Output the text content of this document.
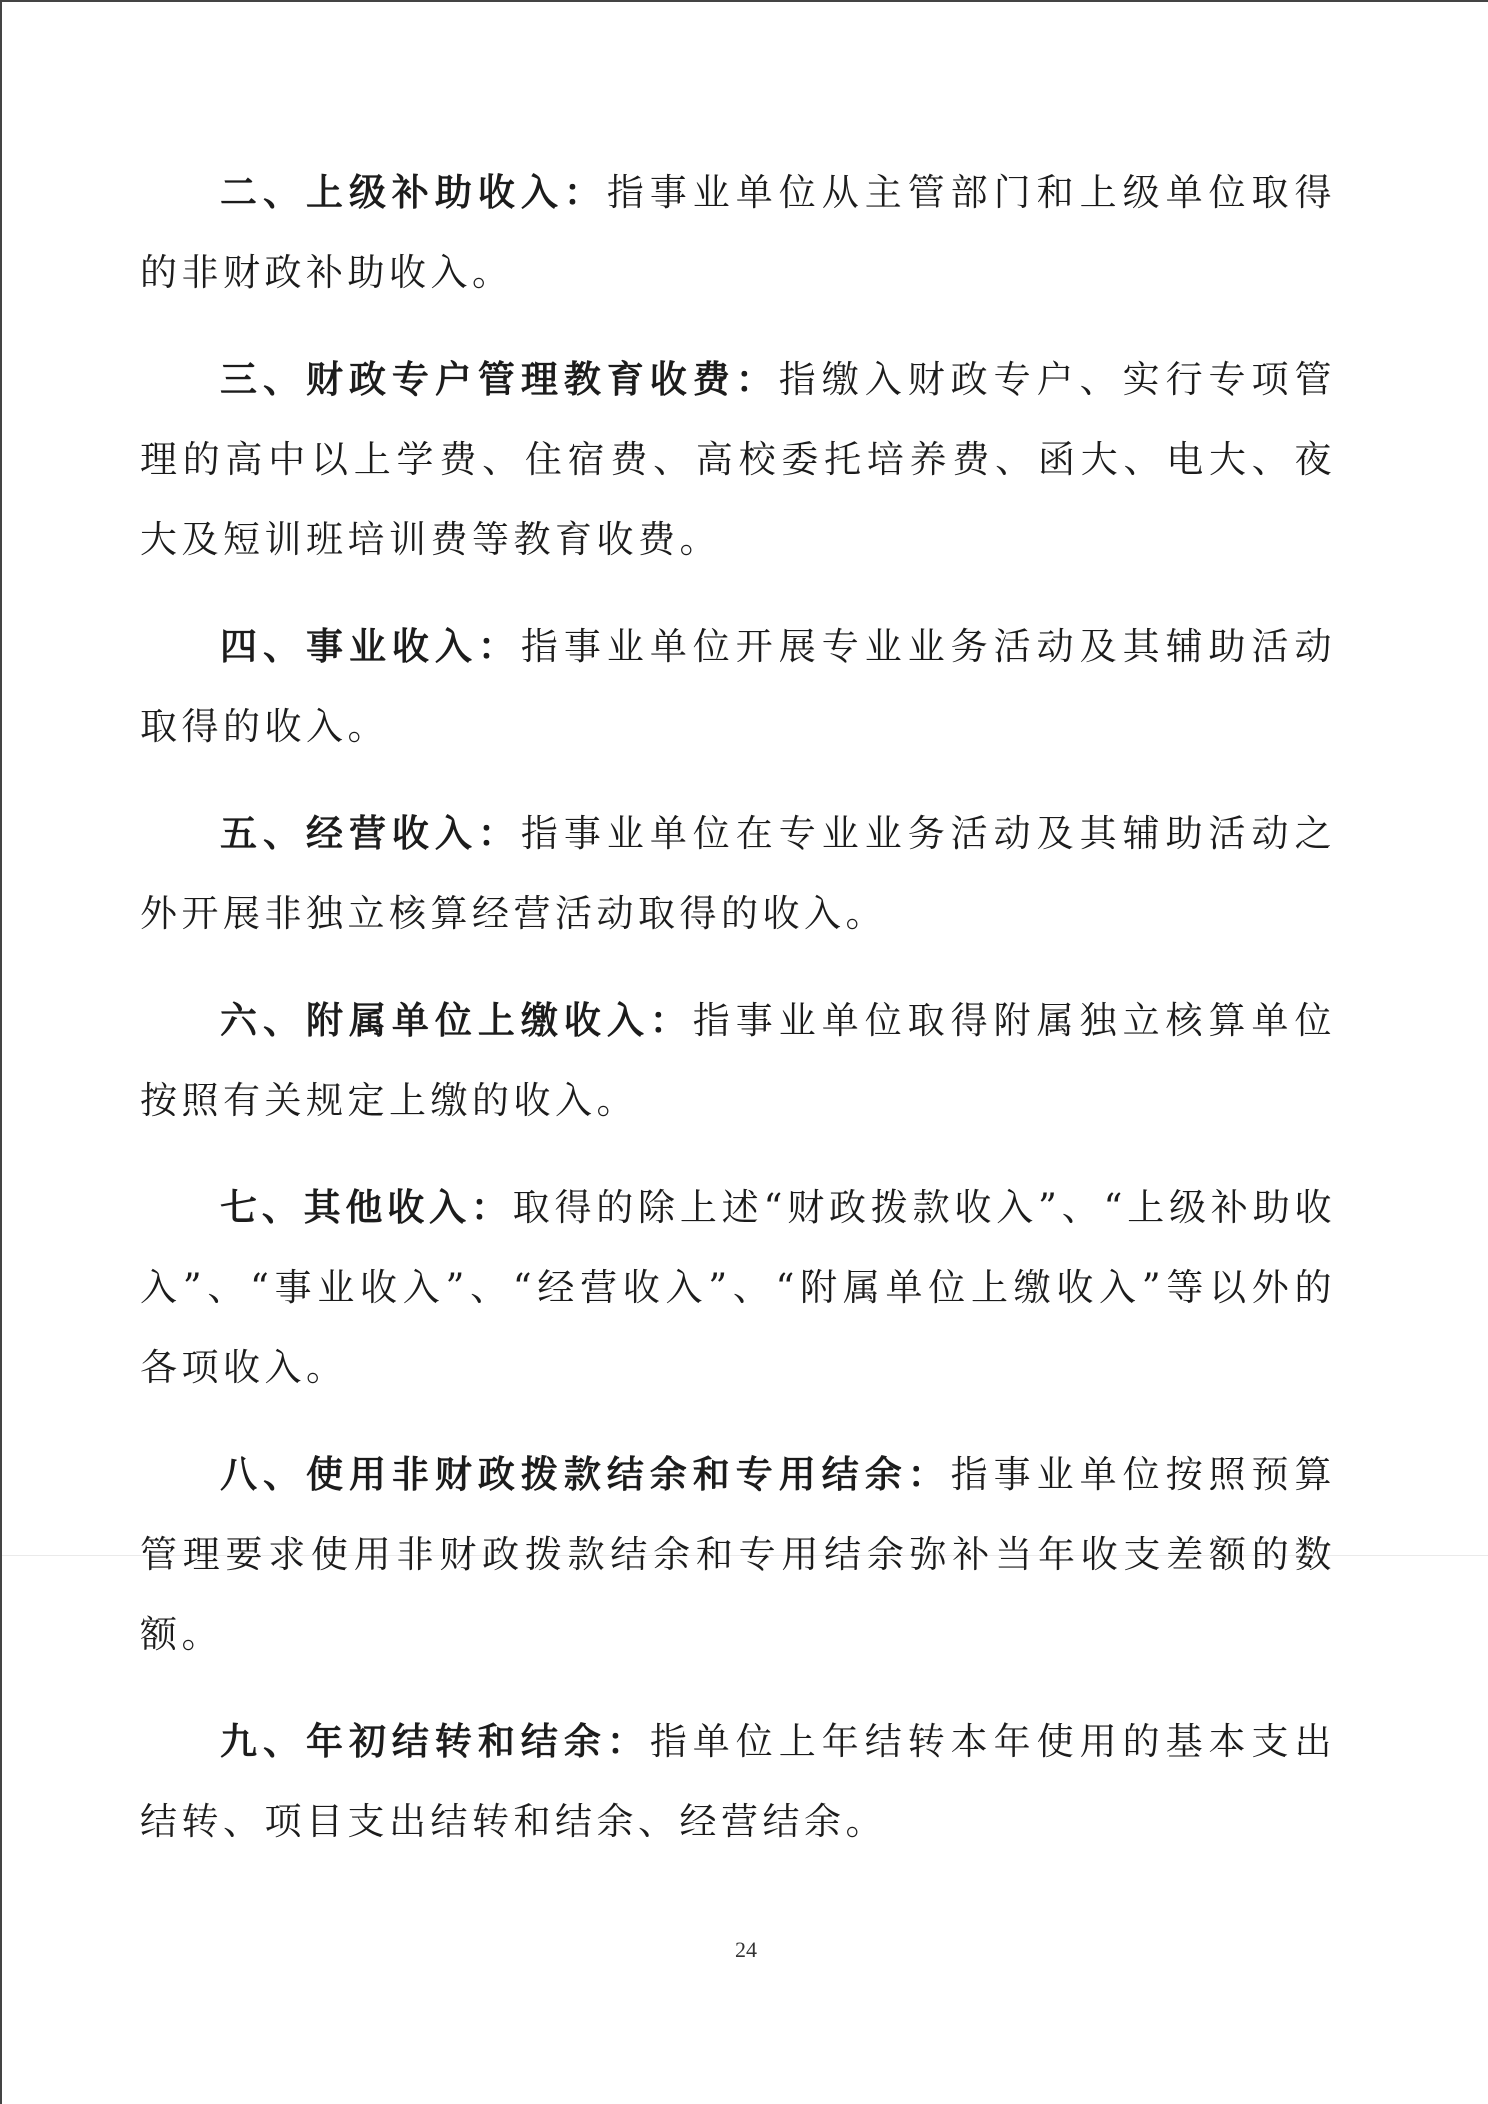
二、上级补助收入：指事业单位从主管部门和上级单位取得的非财政补助收入。

三、财政专户管理教育收费：指缴入财政专户、实行专项管理的高中以上学费、住宿费、高校委托培养费、函大、电大、夜大及短训班培训费等教育收费。

四、事业收入：指事业单位开展专业业务活动及其辅助活动取得的收入。

五、经营收入：指事业单位在专业业务活动及其辅助活动之外开展非独立核算经营活动取得的收入。

六、附属单位上缴收入：指事业单位取得附属独立核算单位按照有关规定上缴的收入。

七、其他收入：取得的除上述“财政拨款收入”、“上级补助收入”、“事业收入”、“经营收入”、“附属单位上缴收入”等以外的各项收入。

八、使用非财政拨款结余和专用结余：指事业单位按照预算管理要求使用非财政拨款结余和专用结余弥补当年收支差额的数额。

九、年初结转和结余：指单位上年结转本年使用的基本支出结转、项目支出结转和结余、经营结余。

24
